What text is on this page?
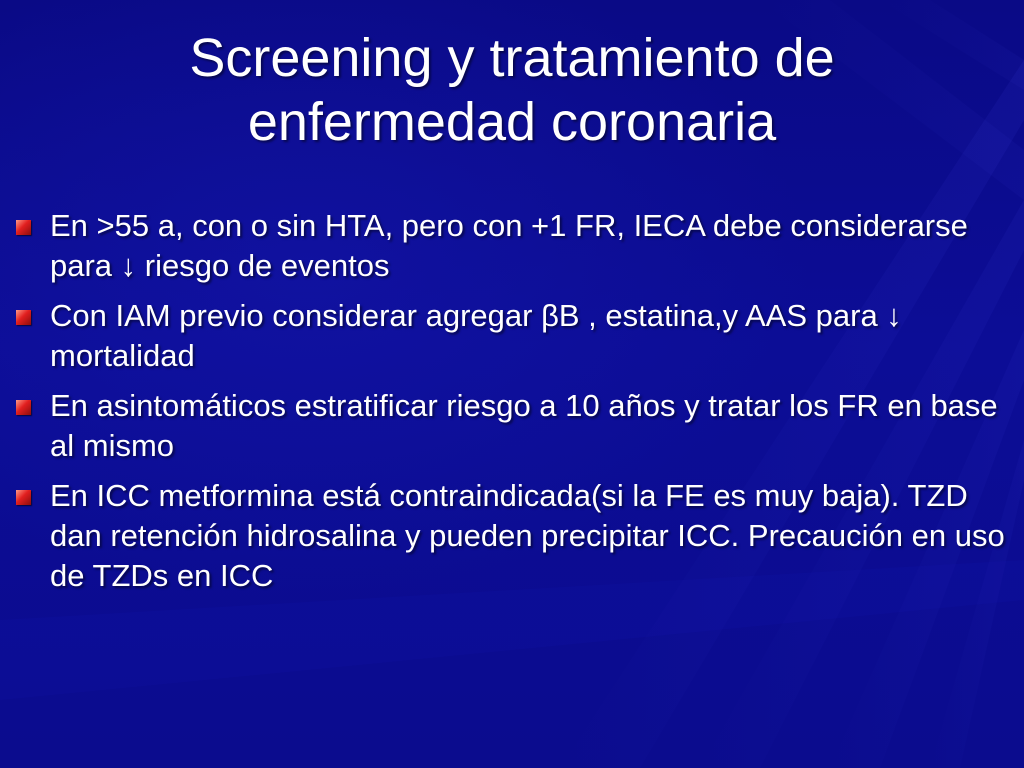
Screening y tratamiento de
enfermedad coronaria
En >55 a, con o sin HTA, pero con +1 FR, IECA debe considerarse para ↓ riesgo de eventos
Con IAM previo considerar agregar βB , estatina,y AAS para ↓ mortalidad
En asintomáticos estratificar riesgo a 10 años y tratar los FR en base al mismo
En ICC metformina está contraindicada(si la FE es muy baja). TZD dan retención hidrosalina y pueden precipitar ICC. Precaución en uso de TZDs en ICC
